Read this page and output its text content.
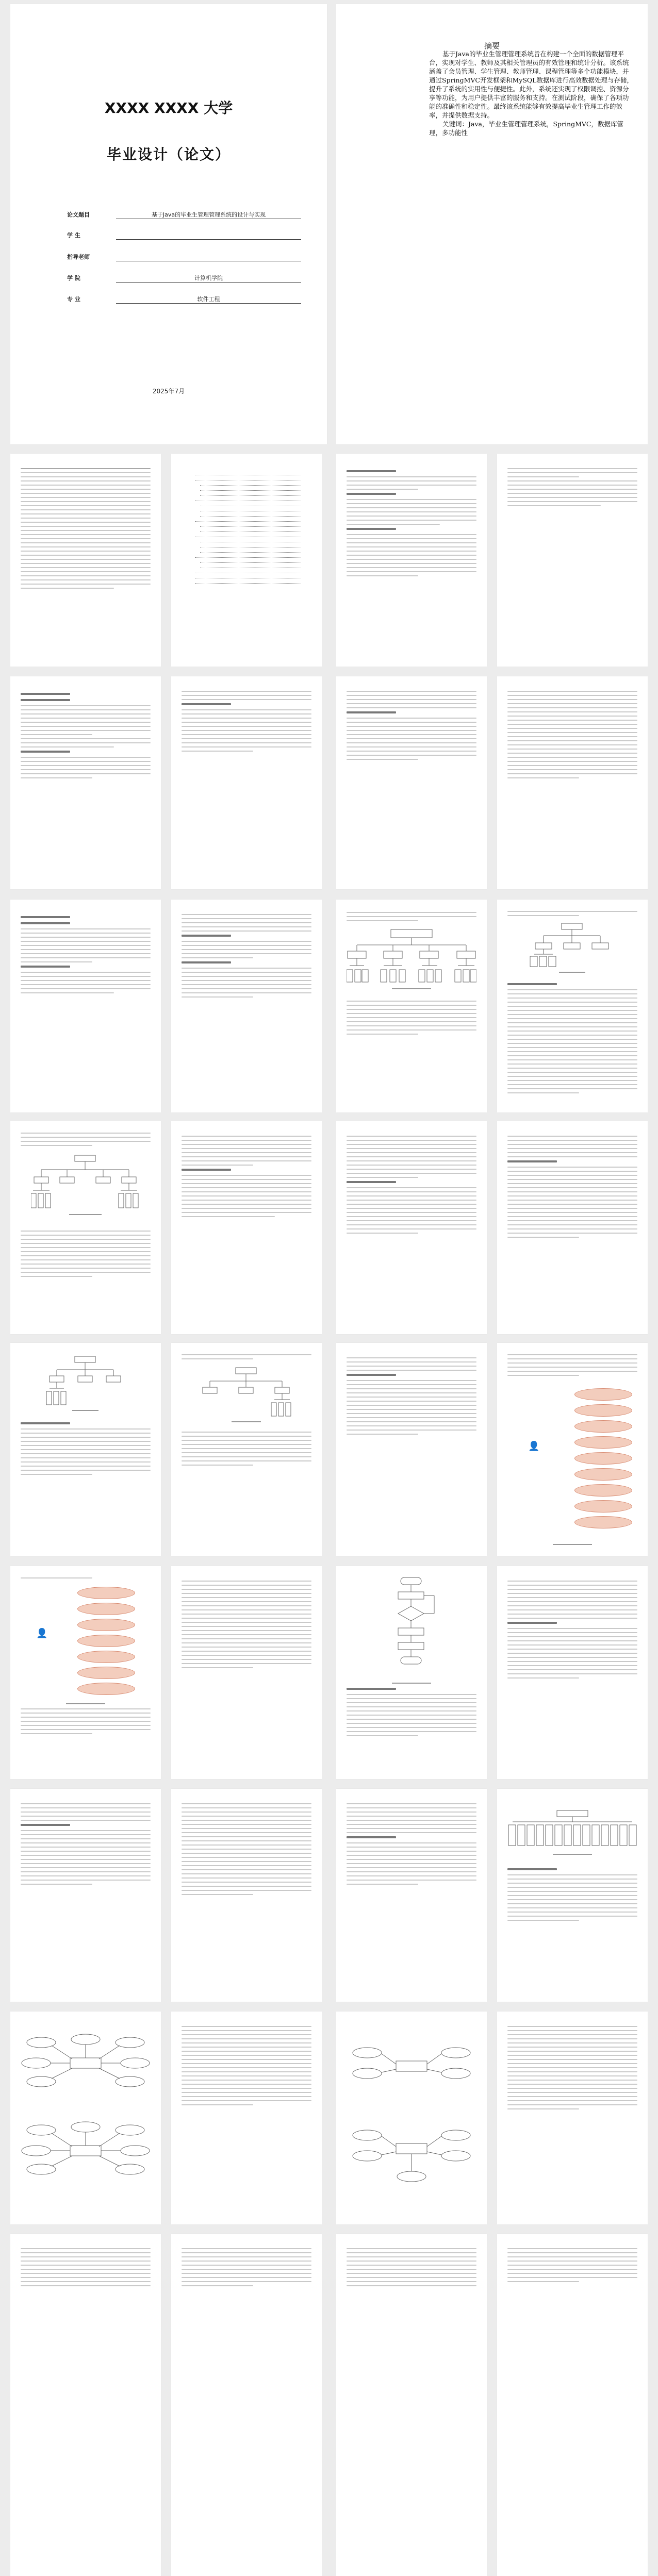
XXXX XXXX 大学
毕业设计（论文）
论文题目	基于Java的毕业生管理管理系统的设计与实现
学 生
指导老师
学 院	计算机学院
专 业	软件工程
2025年7月
摘要

基于Java的毕业生管理管理系统旨在构建一个全面的数据管理平台，实现对学生、教师及其相关管理员的有效管理和统计分析。该系统涵盖了会员管理、学生管理、教师管理、课程管理等多个功能模块，并通过SpringMVC开发框架和MySQL数据库进行高效数据处理与存储，提升了系统的实用性与便捷性。此外，系统还实现了权限调控、资源分享等功能，为用户提供丰富的服务和支持。在测试阶段，确保了各项功能的准确性和稳定性。最终该系统能够有效提高毕业生管理工作的效率，并提供数据支持。

关键词：Java，毕业生管理管理系统，SpringMVC，数据库管理，多功能性

👤
👤
